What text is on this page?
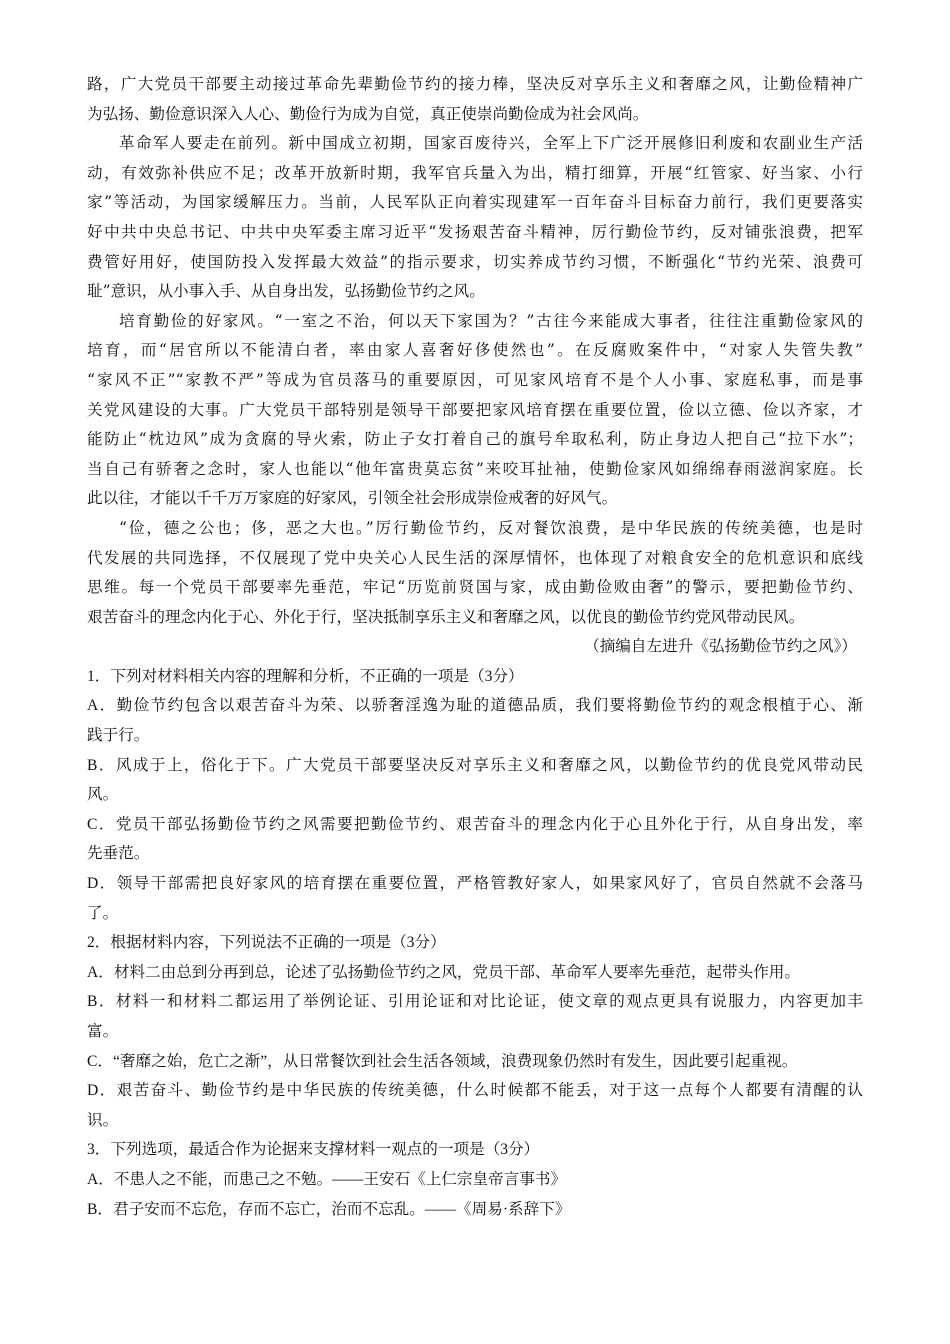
路，广大党员干部要主动接过革命先辈勤俭节约的接力棒，坚决反对享乐主义和奢靡之风，让勤俭精神广
为弘扬、勤俭意识深入人心、勤俭行为成为自觉，真正使崇尚勤俭成为社会风尚。
革命军人要走在前列。新中国成立初期，国家百废待兴，全军上下广泛开展修旧利废和农副业生产活
动，有效弥补供应不足；改革开放新时期，我军官兵量入为出，精打细算，开展“红管家、好当家、小行
家”等活动，为国家缓解压力。当前，人民军队正向着实现建军一百年奋斗目标奋力前行，我们更要落实
好中共中央总书记、中共中央军委主席习近平“发扬艰苦奋斗精神，厉行勤俭节约，反对铺张浪费，把军
费管好用好，使国防投入发挥最大效益”的指示要求，切实养成节约习惯，不断强化“节约光荣、浪费可
耻”意识，从小事入手、从自身出发，弘扬勤俭节约之风。
培育勤俭的好家风。“一室之不治，何以天下家国为？”古往今来能成大事者，往往注重勤俭家风的
培育，而“居官所以不能清白者，率由家人喜奢好侈使然也”。在反腐败案件中，“对家人失管失教”
“家风不正”“家教不严”等成为官员落马的重要原因，可见家风培育不是个人小事、家庭私事，而是事
关党风建设的大事。广大党员干部特别是领导干部要把家风培育摆在重要位置，俭以立德、俭以齐家，才
能防止“枕边风”成为贪腐的导火索，防止子女打着自己的旗号牟取私利，防止身边人把自己“拉下水”；
当自己有骄奢之念时，家人也能以“他年富贵莫忘贫”来咬耳扯袖，使勤俭家风如绵绵春雨滋润家庭。长
此以往，才能以千千万万家庭的好家风，引领全社会形成崇俭戒奢的好风气。
“俭，德之公也；侈，恶之大也。”厉行勤俭节约，反对餐饮浪费，是中华民族的传统美德，也是时
代发展的共同选择，不仅展现了党中央关心人民生活的深厚情怀，也体现了对粮食安全的危机意识和底线
思维。每一个党员干部要率先垂范，牢记“历览前贤国与家，成由勤俭败由奢”的警示，要把勤俭节约、
艰苦奋斗的理念内化于心、外化于行，坚决抵制享乐主义和奢靡之风，以优良的勤俭节约党风带动民风。
（摘编自左进升《弘扬勤俭节约之风》）
1．下列对材料相关内容的理解和分析，不正确的一项是（3分）
A．勤俭节约包含以艰苦奋斗为荣、以骄奢淫逸为耻的道德品质，我们要将勤俭节约的观念根植于心、渐
践于行。
B．风成于上，俗化于下。广大党员干部要坚决反对享乐主义和奢靡之风，以勤俭节约的优良党风带动民
风。
C．党员干部弘扬勤俭节约之风需要把勤俭节约、艰苦奋斗的理念内化于心且外化于行，从自身出发，率
先垂范。
D．领导干部需把良好家风的培育摆在重要位置，严格管教好家人，如果家风好了，官员自然就不会落马
了。
2．根据材料内容，下列说法不正确的一项是（3分）
A．材料二由总到分再到总，论述了弘扬勤俭节约之风，党员干部、革命军人要率先垂范，起带头作用。
B．材料一和材料二都运用了举例论证、引用论证和对比论证，使文章的观点更具有说服力，内容更加丰
富。
C．“奢靡之始，危亡之渐”，从日常餐饮到社会生活各领域，浪费现象仍然时有发生，因此要引起重视。
D．艰苦奋斗、勤俭节约是中华民族的传统美德，什么时候都不能丢，对于这一点每个人都要有清醒的认
识。
3．下列选项，最适合作为论据来支撑材料一观点的一项是（3分）
A．不患人之不能，而患己之不勉。——王安石《上仁宗皇帝言事书》
B．君子安而不忘危，存而不忘亡，治而不忘乱。——《周易·系辞下》
